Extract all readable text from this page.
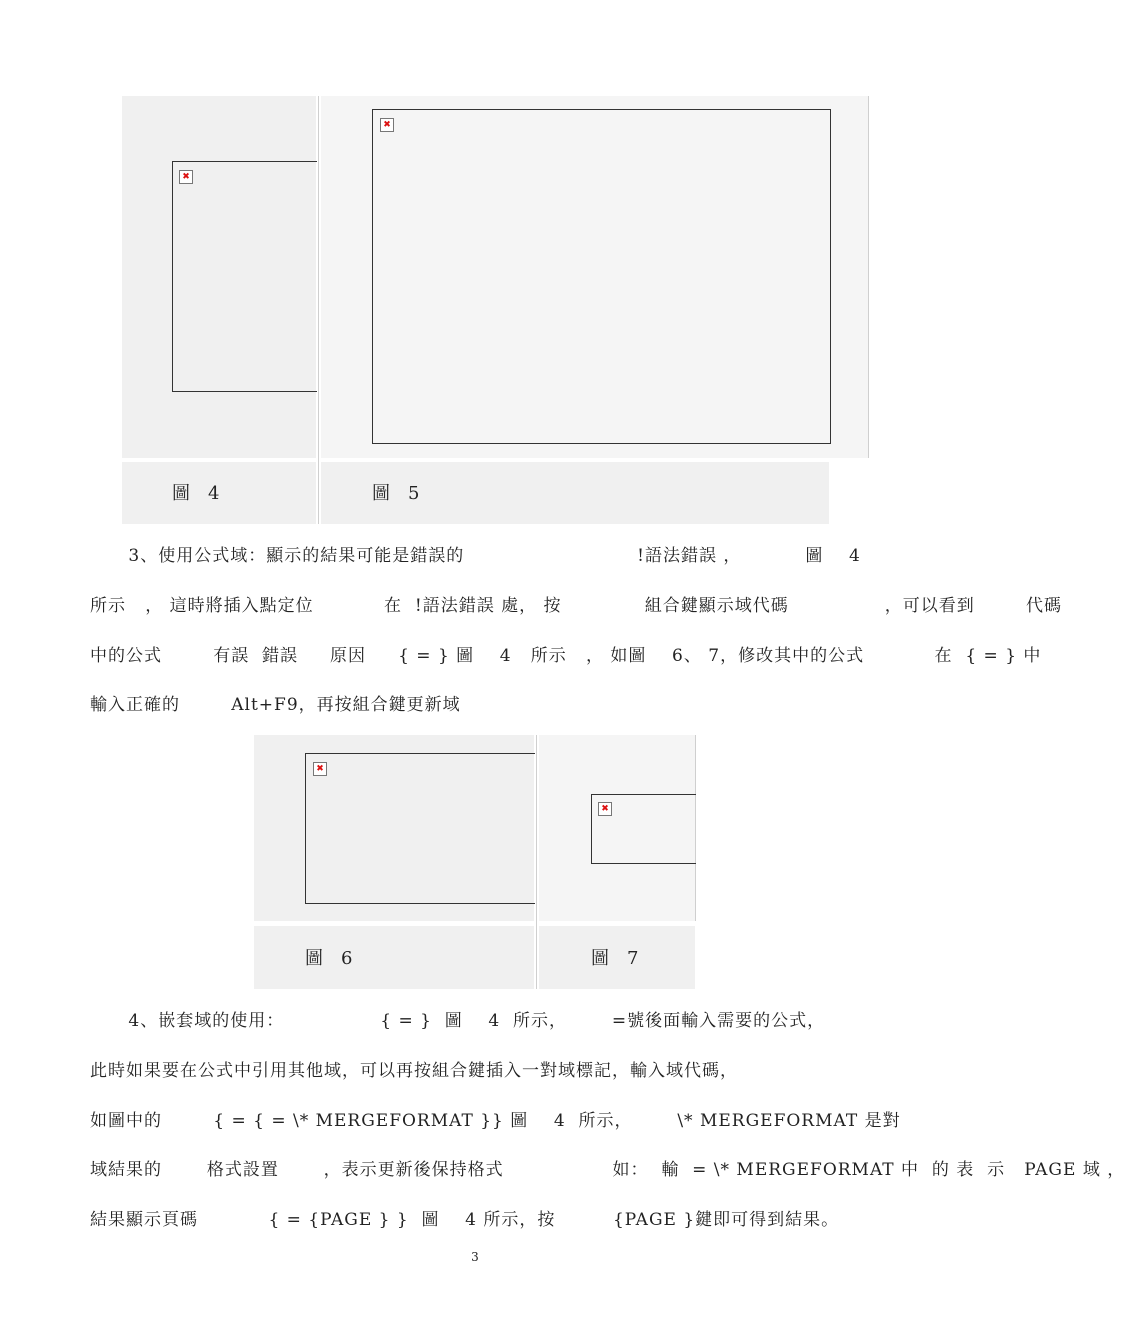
✖
✖
圖　4	圖　5
3、使用公式域：顯示的結果可能是錯誤的                           !語法錯誤 ，          圖    4
所示   ， 這時將插入點定位           在  !語法錯誤 處， 按             組合鍵顯示域代碼               ，可以看到        代碼
中的公式        有誤  錯誤     原因     { = } 圖    4   所示   ， 如圖    6、 7，修改其中的公式           在  { = } 中
輸入正確的        Alt+F9，再按組合鍵更新域
✖
✖
圖　6	圖　7
4、嵌套域的使用：               { = }  圖    4  所示，       =號後面輸入需要的公式，
此時如果要在公式中引用其他域，可以再按組合鍵插入一對域標記，輸入域代碼，
如圖中的        { = { = \* MERGEFORMAT }} 圖    4  所示，       \* MERGEFORMAT 是對
域結果的       格式設置       ，表示更新後保持格式                 如：  輸  = \* MERGEFORMAT 中  的 表  示   PAGE 域 ，
結果顯示頁碼           { = {PAGE } }  圖    4 所示，按         {PAGE }鍵即可得到結果。
3
